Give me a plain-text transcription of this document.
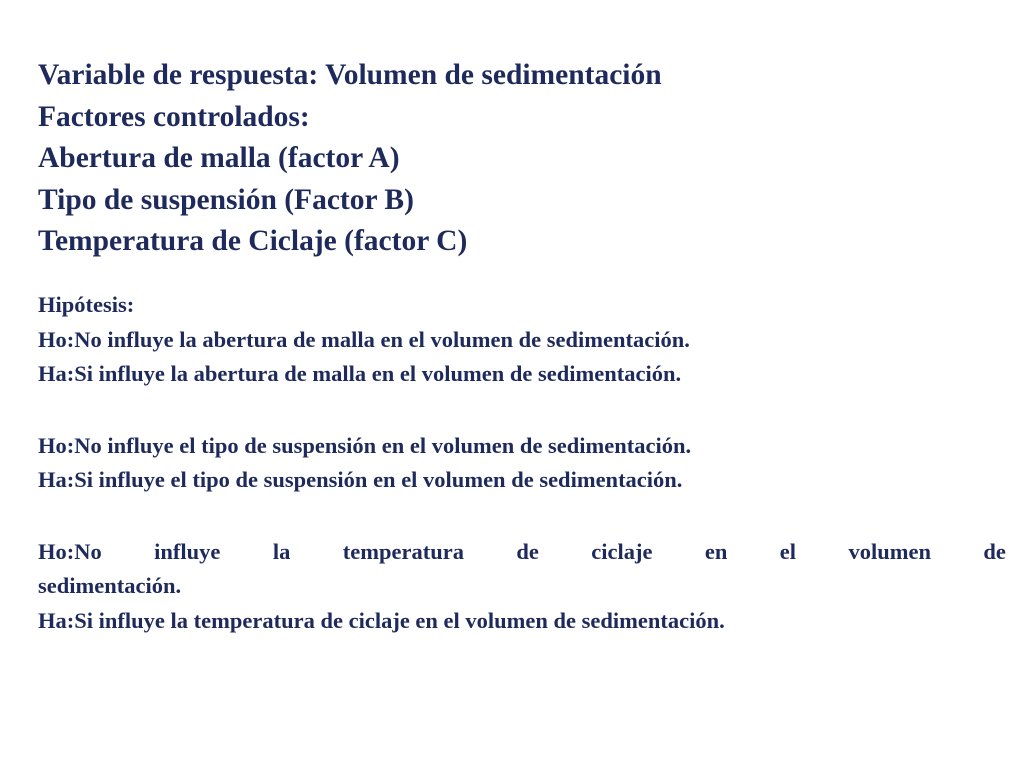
Variable de respuesta: Volumen de sedimentación
Factores controlados:
Abertura de malla (factor A)
Tipo de suspensión (Factor B)
Temperatura de Ciclaje (factor C)
Hipótesis:
Ho:No influye la abertura de malla en el volumen de sedimentación.
Ha:Si influye la abertura de malla en el volumen de sedimentación.
Ho:No influye el tipo de suspensión en el volumen de sedimentación.
Ha:Si influye el tipo de suspensión en el volumen de sedimentación.
Ho:No influye la temperatura de ciclaje en el volumen de
sedimentación.
Ha:Si influye la temperatura de ciclaje en el volumen de sedimentación.
